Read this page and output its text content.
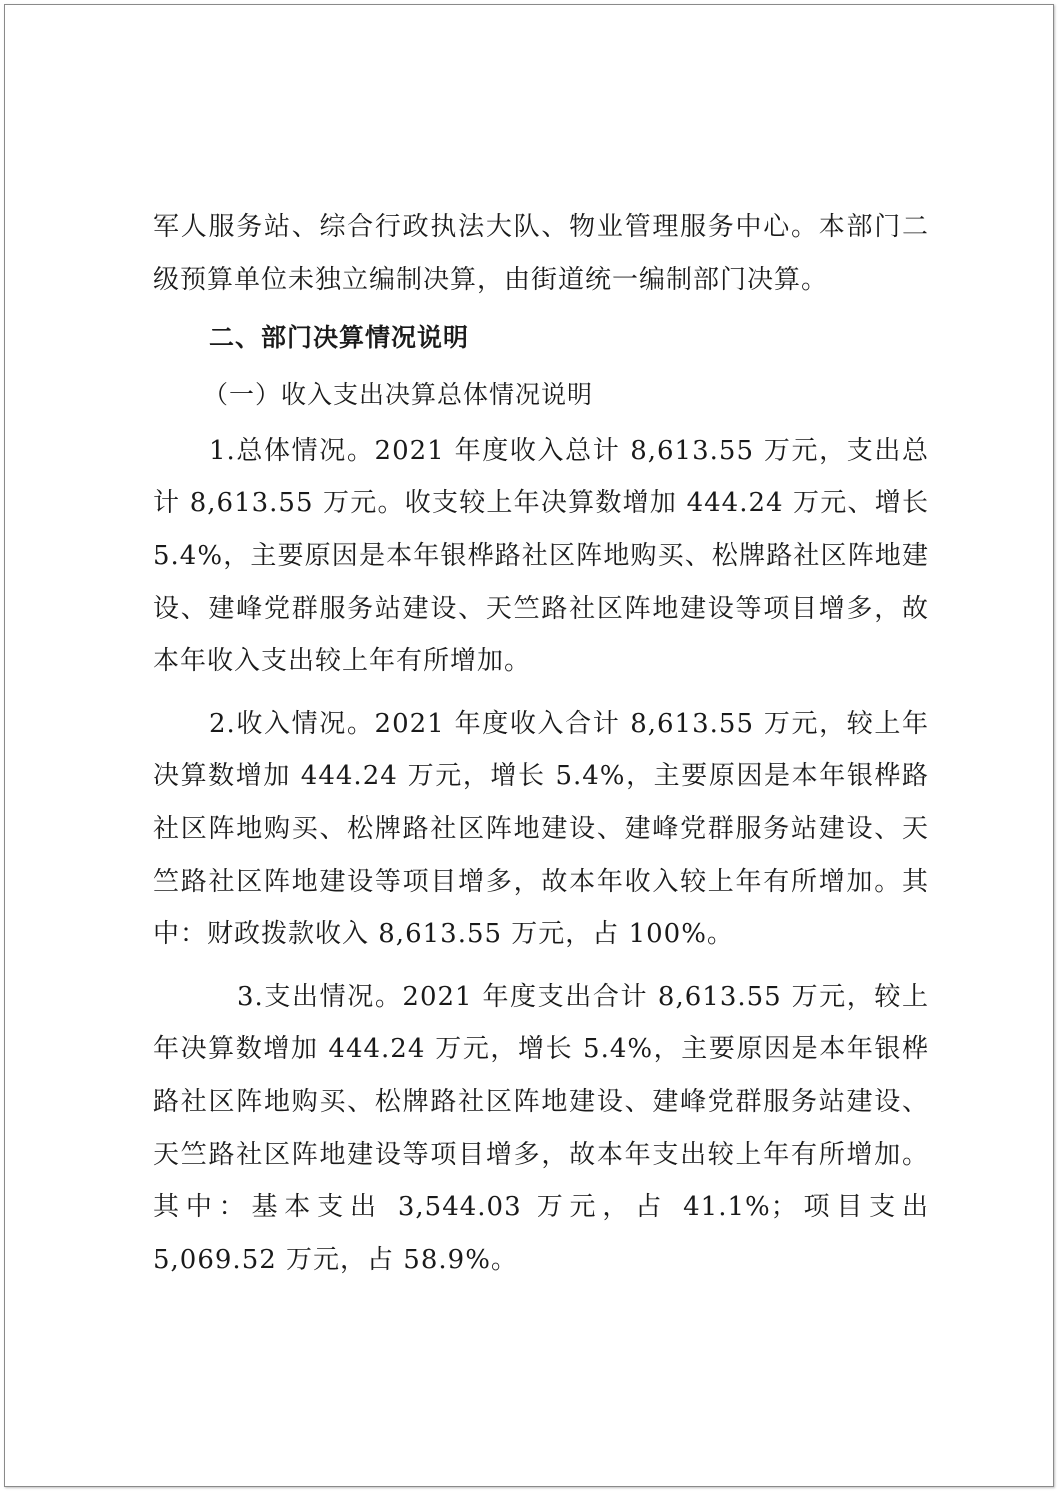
军人服务站、综合行政执法大队、物业管理服务中心。本部门二级预算单位未独立编制决算，由街道统一编制部门决算。

二、部门决算情况说明

（一）收入支出决算总体情况说明

1.总体情况。2021 年度收入总计 8,613.55 万元，支出总计 8,613.55 万元。收支较上年决算数增加 444.24 万元、增长 5.4%，主要原因是本年银桦路社区阵地购买、松牌路社区阵地建设、建峰党群服务站建设、天竺路社区阵地建设等项目增多，故本年收入支出较上年有所增加。

2.收入情况。2021 年度收入合计 8,613.55 万元，较上年决算数增加 444.24 万元，增长 5.4%，主要原因是本年银桦路社区阵地购买、松牌路社区阵地建设、建峰党群服务站建设、天竺路社区阵地建设等项目增多，故本年收入较上年有所增加。其中：财政拨款收入 8,613.55 万元，占 100%。

3.支出情况。2021 年度支出合计 8,613.55 万元，较上年决算数增加 444.24 万元，增长 5.4%，主要原因是本年银桦路社区阵地购买、松牌路社区阵地建设、建峰党群服务站建设、天竺路社区阵地建设等项目增多，故本年支出较上年有所增加。其中：基本支出 3,544.03 万元，占 41.1%；项目支出 5,069.52 万元，占 58.9%。
